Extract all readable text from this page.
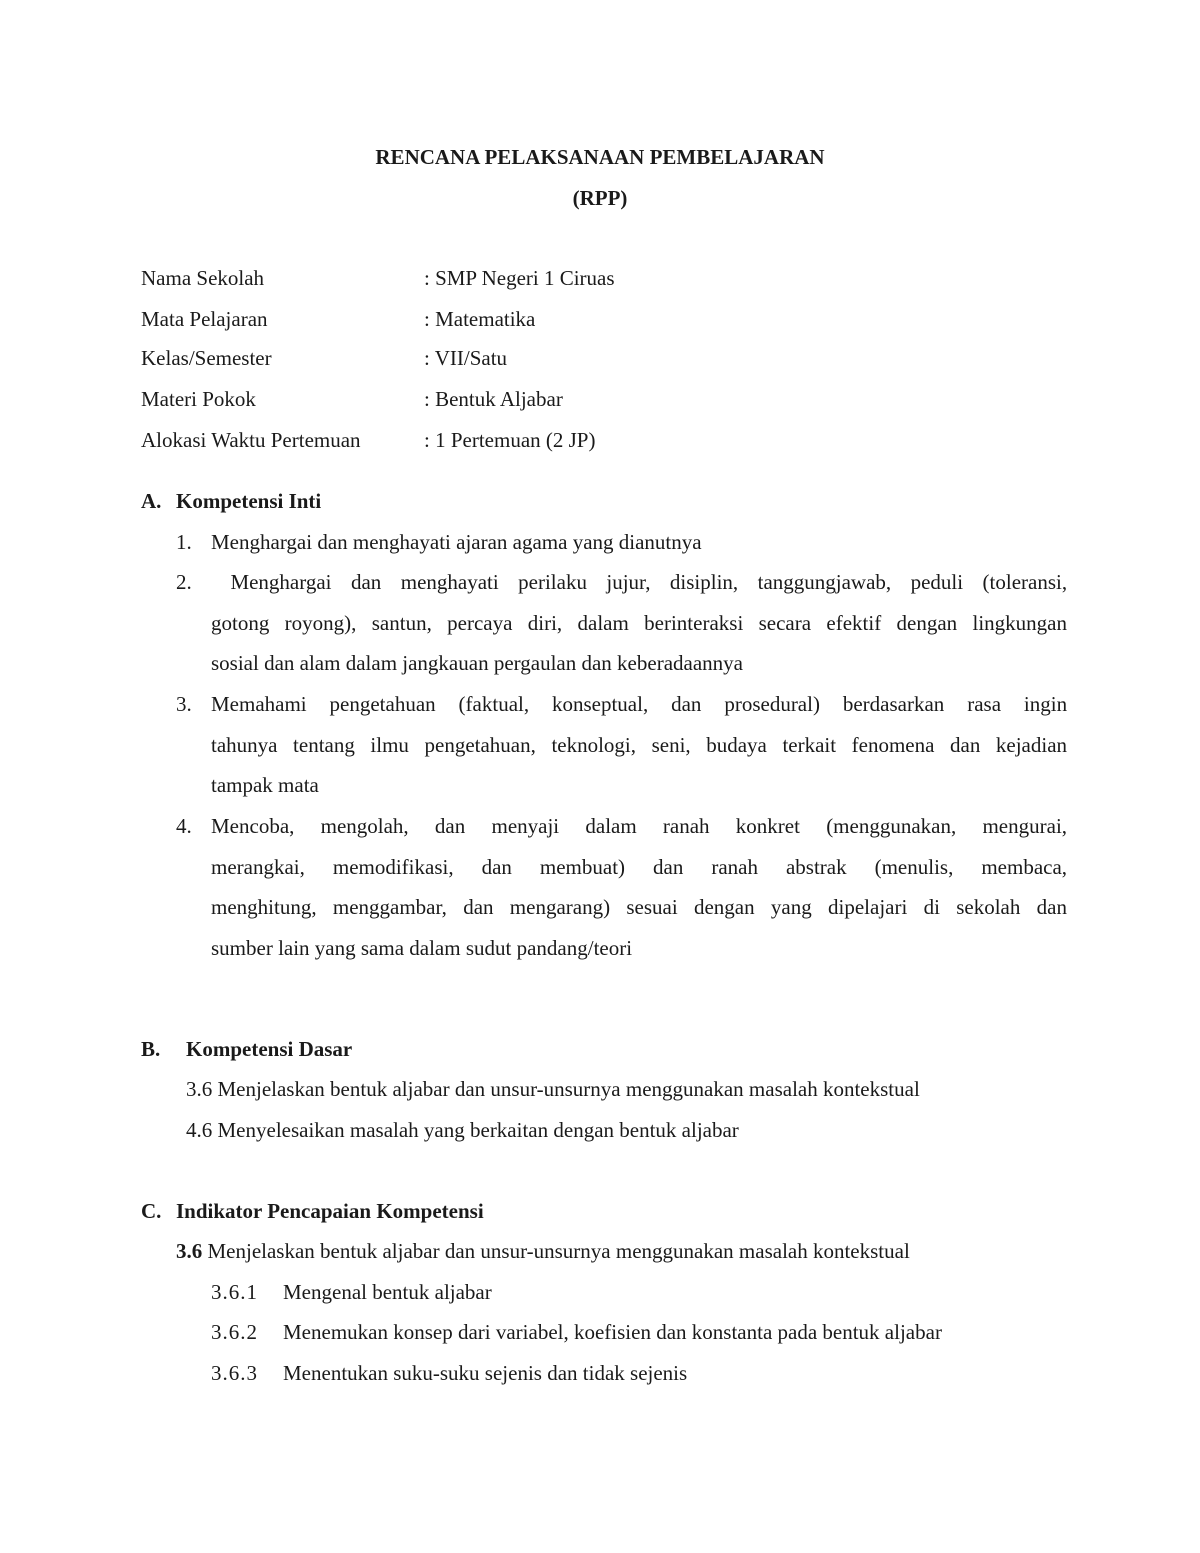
RENCANA PELAKSANAAN PEMBELAJARAN
(RPP)
Nama Sekolah	: SMP Negeri 1 Ciruas
Mata Pelajaran	: Matematika
Kelas/Semester	: VII/Satu
Materi Pokok	: Bentuk Aljabar
Alokasi Waktu Pertemuan	: 1 Pertemuan (2 JP)
A. Kompetensi Inti
1. Menghargai dan menghayati ajaran agama yang dianutnya
2.	Menghargai dan menghayati perilaku jujur, disiplin, tanggungjawab, peduli (toleransi,
gotong royong), santun, percaya diri, dalam berinteraksi secara efektif dengan lingkungan
sosial dan alam dalam jangkauan pergaulan dan keberadaannya
3. Memahami pengetahuan (faktual, konseptual, dan prosedural) berdasarkan rasa ingin
tahunya tentang ilmu pengetahuan, teknologi, seni, budaya terkait fenomena dan kejadian
tampak mata
4. Mencoba, mengolah, dan menyaji dalam ranah konkret (menggunakan, mengurai,
merangkai, memodifikasi, dan membuat) dan ranah abstrak (menulis, membaca,
menghitung, menggambar, dan mengarang) sesuai dengan yang dipelajari di sekolah dan
sumber lain yang sama dalam sudut pandang/teori
B. Kompetensi Dasar
3.6 Menjelaskan bentuk aljabar dan unsur-unsurnya menggunakan masalah kontekstual
4.6 Menyelesaikan masalah yang berkaitan dengan bentuk aljabar
C. Indikator Pencapaian Kompetensi
3.6 Menjelaskan bentuk aljabar dan unsur-unsurnya menggunakan masalah kontekstual
3.6.1 Mengenal bentuk aljabar
3.6.2 Menemukan konsep dari variabel, koefisien dan konstanta pada bentuk aljabar
3.6.3 Menentukan suku-suku sejenis dan tidak sejenis
